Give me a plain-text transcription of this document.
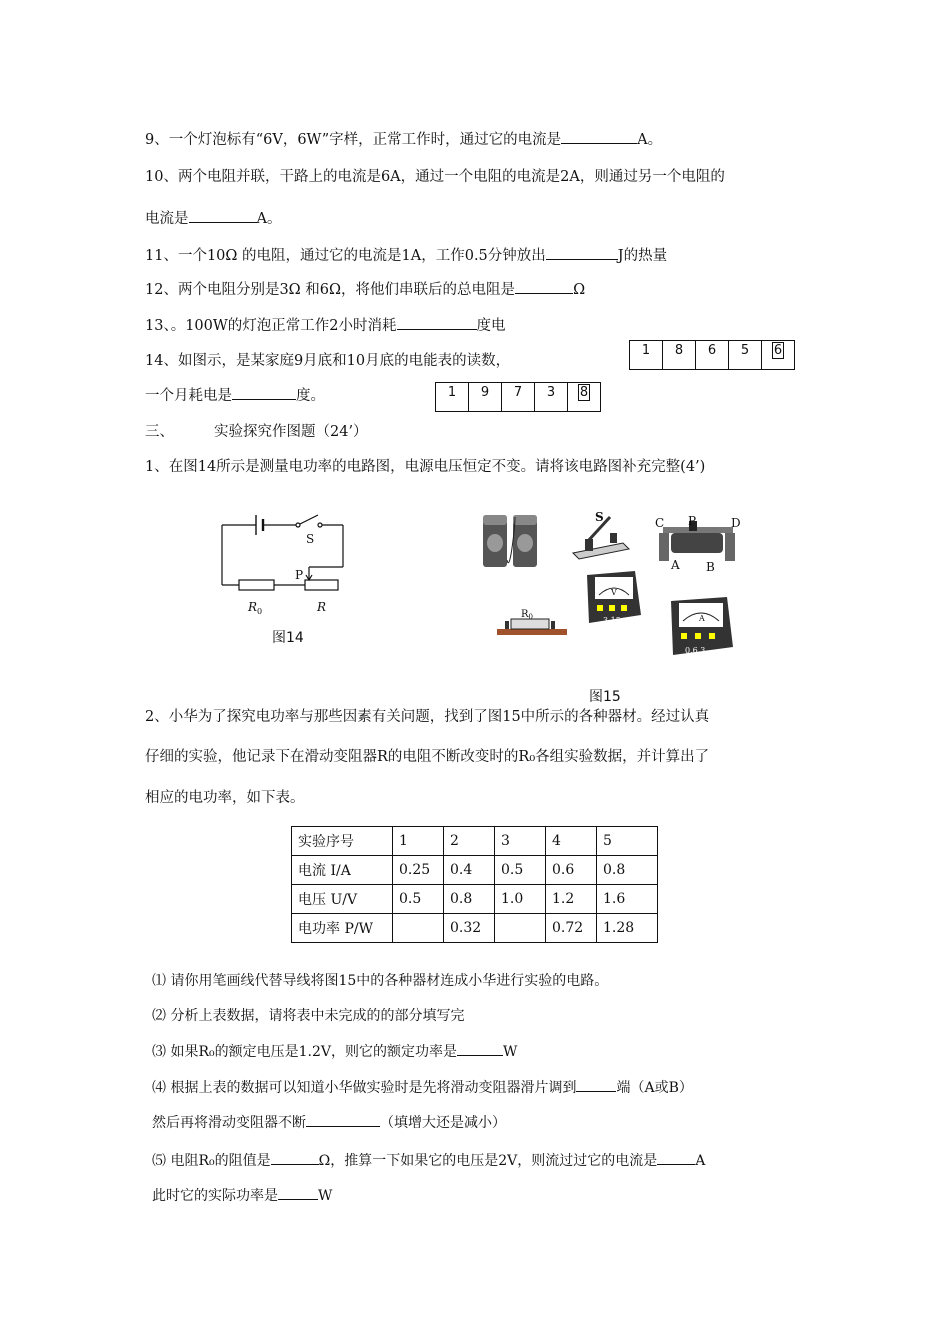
9、一个灯泡标有“6V，6W”字样，正常工作时，通过它的电流是	A。
10、两个电阻并联，干路上的电流是6A，通过一个电阻的电流是2A，则通过另一个电阻的
电流是	A。
11、一个10Ω 的电阻，通过它的电流是1A，工作0.5分钟放出	J的热量
12、两个电阻分别是3Ω 和6Ω，将他们串联后的总电阻是	Ω
13、。100W的灯泡正常工作2小时消耗	度电
14、如图示，是某家庭9月底和10月底的电能表的读数，
一个月耗电是	度。
1	8	6	5	6
1	9	7	3	8
三、	实验探究作图题（24’）
1、在图14所示是测量电功率的电路图，电源电压恒定不变。请将该电路图补充完整(4’)
S
P
$R_0$	R
图14
S	C P	D
A B
$R_0$
V
3 15	A
0.6 3
图15
2、小华为了探究电功率与那些因素有关问题，找到了图15中所示的各种器材。经过认真
仔细的实验，他记录下在滑动变阻器R的电阻不断改变时的R₀各组实验数据，并计算出了
相应的电功率，如下表。
实验序号	1	2	3	4	5
电流 I/A	0.25	0.4	0.5	0.6	0.8
电压 U/V	0.5	0.8	1.0	1.2	1.6
电功率 P/W		0.32		0.72	1.28
⑴ 请你用笔画线代替导线将图15中的各种器材连成小华进行实验的电路。
⑵ 分析上表数据，请将表中未完成的的部分填写完
⑶ 如果R₀的额定电压是1.2V，则它的额定功率是	W
⑷ 根据上表的数据可以知道小华做实验时是先将滑动变阻器滑片调到	端（A或B）
然后再将滑动变阻器不断	（填增大还是减小）
⑸ 电阻R₀的阻值是	Ω，推算一下如果它的电压是2V，则流过过它的电流是	A
此时它的实际功率是	W
